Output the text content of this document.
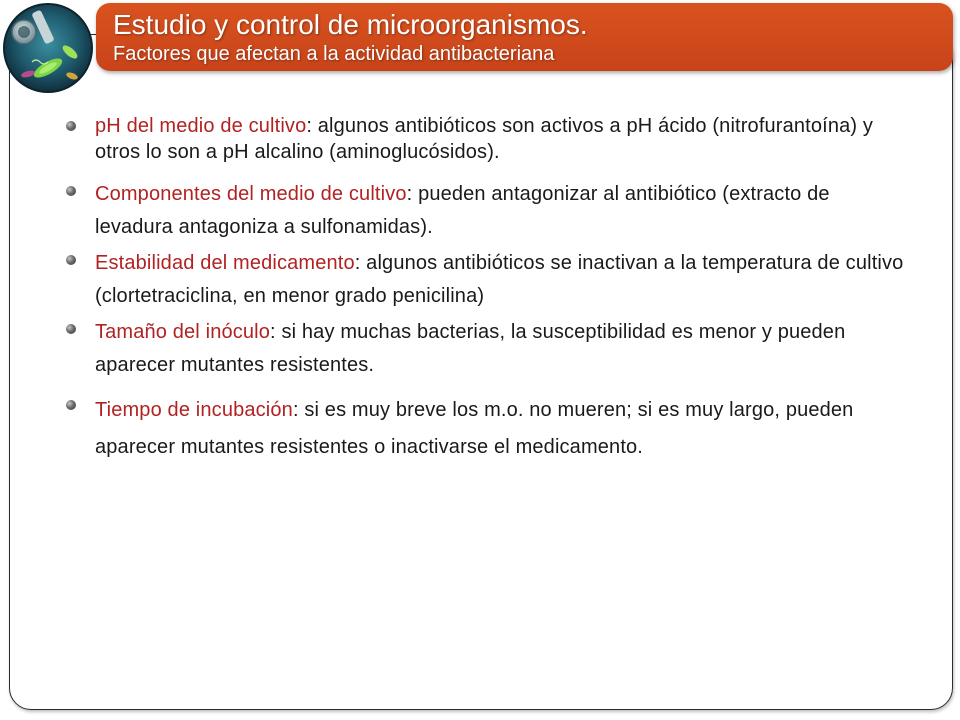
Estudio y control de microorganismos.
Factores que afectan a la actividad antibacteriana
pH del medio de cultivo: algunos antibióticos son activos a pH ácido (nitrofurantoína) y otros lo son a pH alcalino (aminoglucósidos).
Componentes del medio de cultivo: pueden antagonizar al antibiótico (extracto de levadura antagoniza a sulfonamidas).
Estabilidad del medicamento: algunos antibióticos se inactivan a la temperatura de cultivo (clortetraciclina, en menor grado penicilina)
Tamaño del inóculo: si hay muchas bacterias, la susceptibilidad es menor y pueden aparecer mutantes resistentes.
Tiempo de incubación: si es muy breve los m.o. no mueren; si es muy largo, pueden aparecer mutantes resistentes o inactivarse el medicamento.
